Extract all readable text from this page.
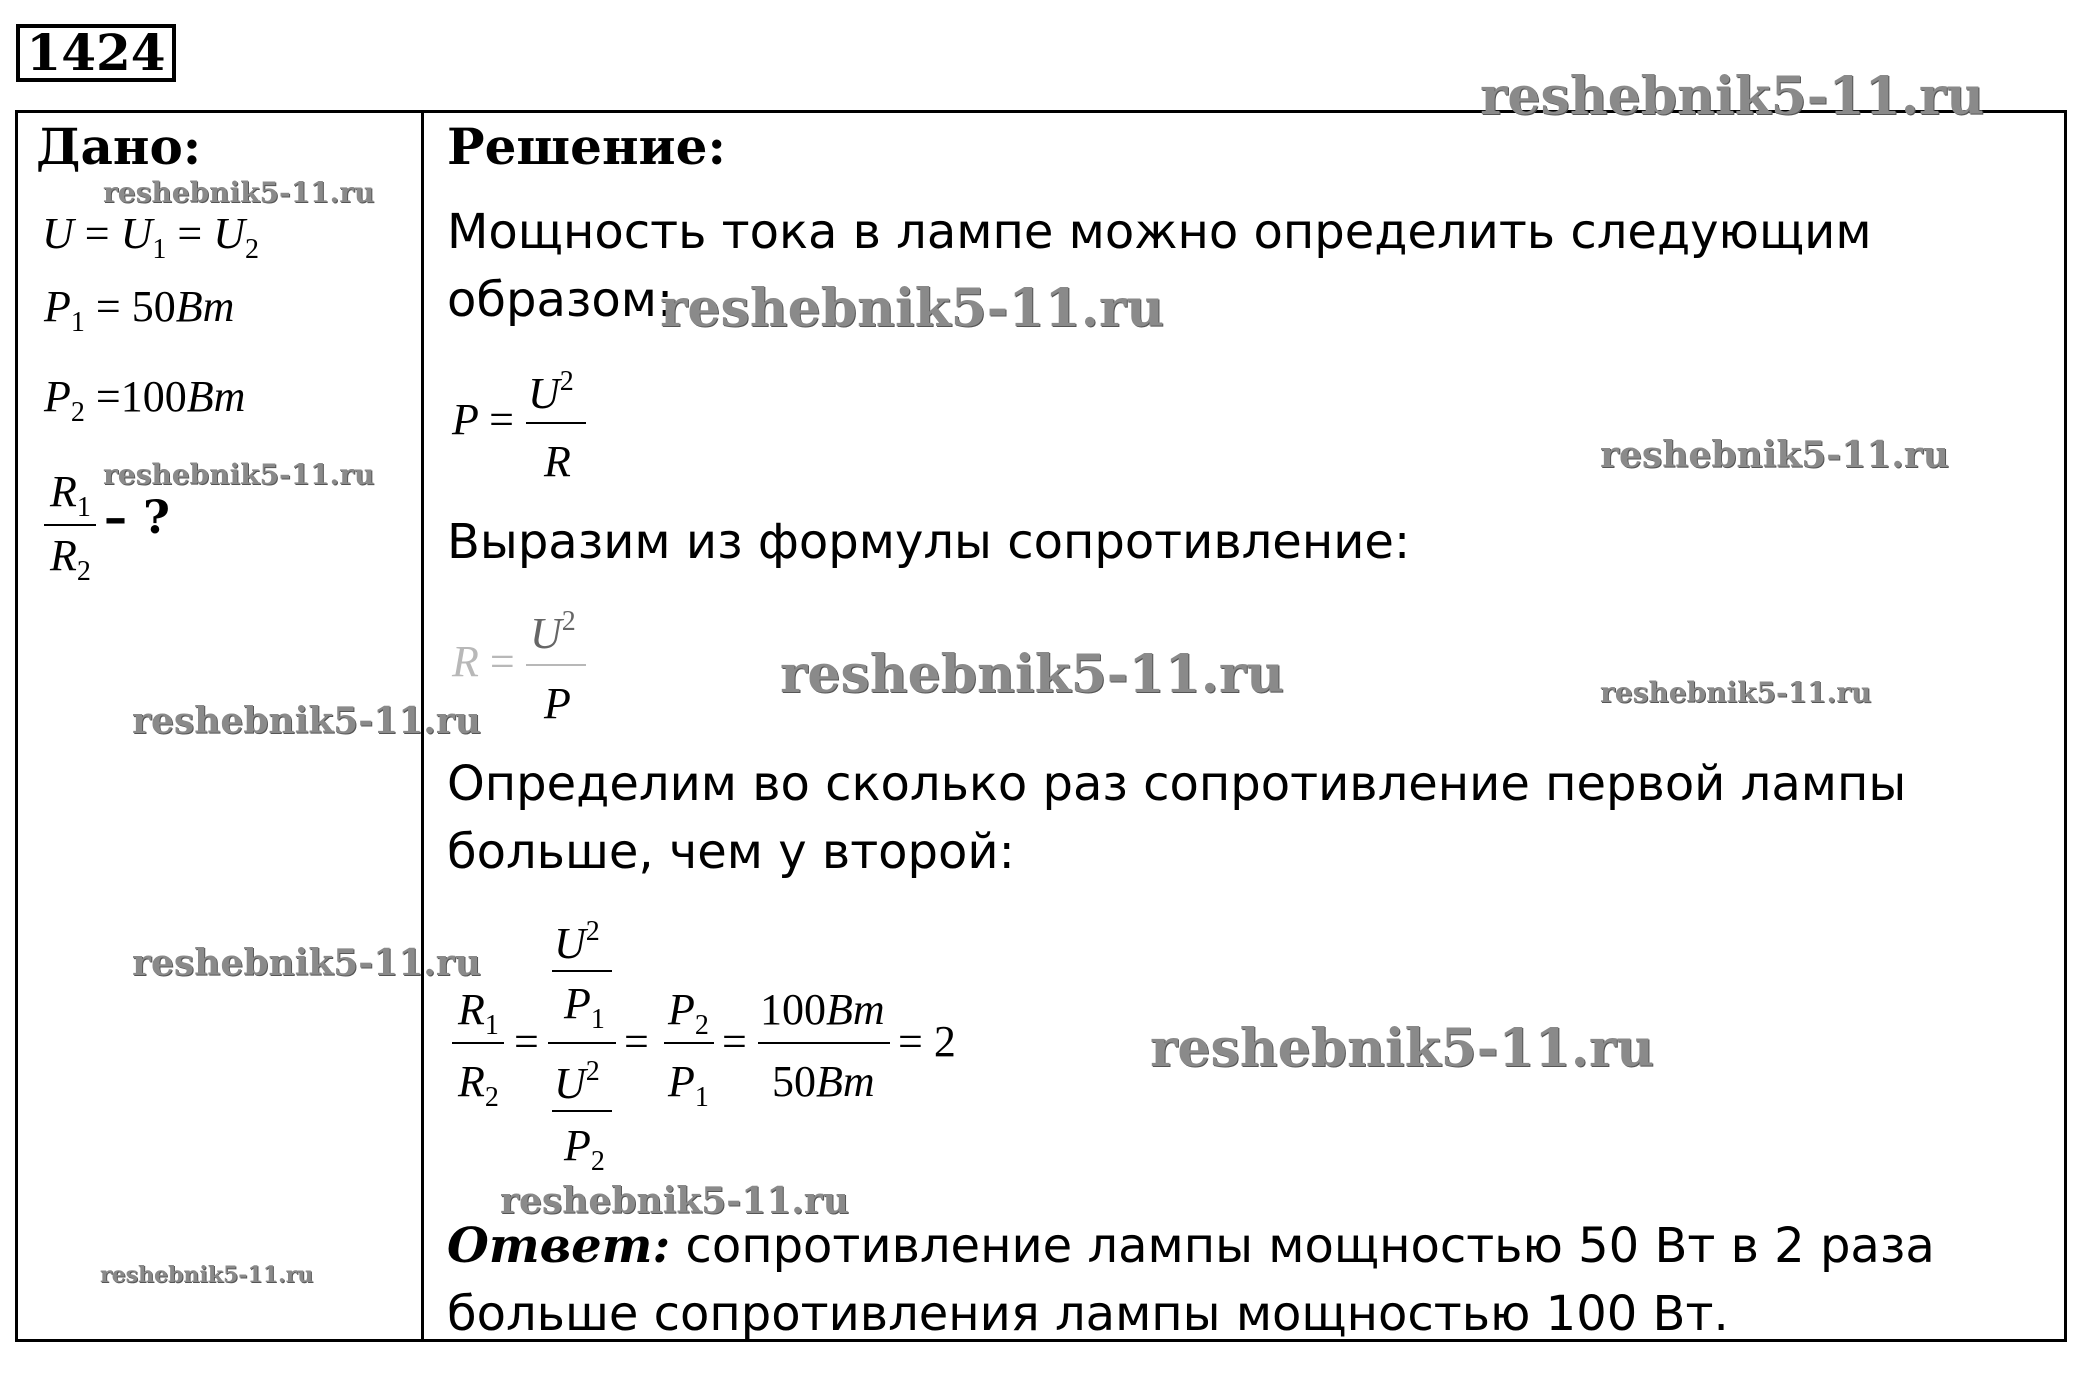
1424
Дано:
$U = U_1 = U_2$
$P_1 = 50Bm$
$P_2 =100Bm$
$R_1$
$R_2$
– ?
Решение:
Мощность тока в лампе можно определить следующим
образом:
P =
$U^2$
R
Выразим из формулы сопротивление:
R =
$U^2$
P
Определим во сколько раз сопротивление первой лампы
больше, чем у второй:
$R_1$
$R_2$
=
$U^2$
$P_1$
$U^2$
$P_2$
=
$P_2$
$P_1$
=
100Bm
50Bm
= 2
Ответ: сопротивление лампы мощностью 50 Вт в 2 раза
больше сопротивления лампы мощностью 100 Вт.
reshebnik5-11.ru
reshebnik5-11.ru
reshebnik5-11.ru
reshebnik5-11.ru
reshebnik5-11.ru
reshebnik5-11.ru	reshebnik5-11.ru
reshebnik5-11.ru
reshebnik5-11.ru
reshebnik5-11.ru
reshebnik5-11.ru
reshebnik5-11.ru
